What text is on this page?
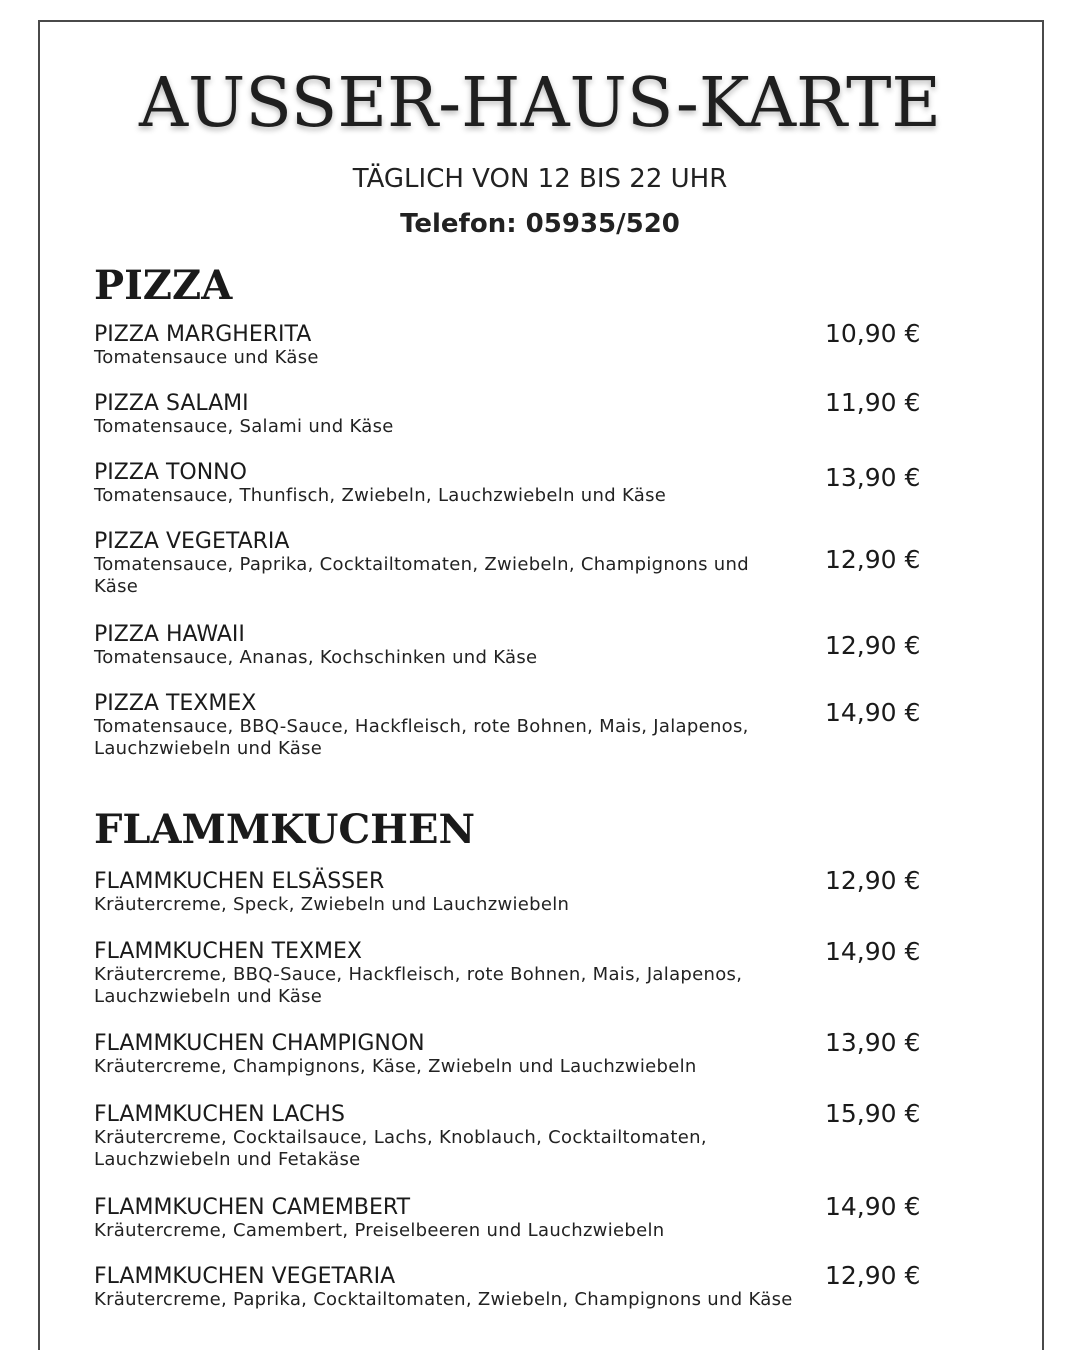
AUSSER-HAUS-KARTE
TÄGLICH VON 12 BIS 22 UHR
Telefon: 05935/520
PIZZA
PIZZA MARGHERITA
Tomatensauce und Käse
10,90 €
PIZZA SALAMI
Tomatensauce, Salami und Käse
11,90 €
PIZZA TONNO
Tomatensauce, Thunfisch, Zwiebeln, Lauchzwiebeln und Käse
13,90 €
PIZZA VEGETARIA
Tomatensauce, Paprika, Cocktailtomaten, Zwiebeln, Champignons und Käse
12,90 €
PIZZA HAWAII
Tomatensauce, Ananas, Kochschinken und Käse	12,90 €
PIZZA TEXMEX
Tomatensauce, BBQ-Sauce, Hackfleisch, rote Bohnen, Mais, Jalapenos, Lauchzwiebeln und Käse
14,90 €
FLAMMKUCHEN
FLAMMKUCHEN ELSÄSSER
Kräutercreme, Speck, Zwiebeln und Lauchzwiebeln
12,90 €
FLAMMKUCHEN TEXMEX
Kräutercreme, BBQ-Sauce, Hackfleisch, rote Bohnen, Mais, Jalapenos, Lauchzwiebeln und Käse
14,90 €
FLAMMKUCHEN CHAMPIGNON
Kräutercreme, Champignons, Käse, Zwiebeln und Lauchzwiebeln
13,90 €
FLAMMKUCHEN LACHS
Kräutercreme, Cocktailsauce, Lachs, Knoblauch, Cocktailtomaten, Lauchzwiebeln und Fetakäse
15,90 €
FLAMMKUCHEN CAMEMBERT
Kräutercreme, Camembert, Preiselbeeren und Lauchzwiebeln
14,90 €
FLAMMKUCHEN VEGETARIA
Kräutercreme, Paprika, Cocktailtomaten, Zwiebeln, Champignons und Käse
12,90 €
